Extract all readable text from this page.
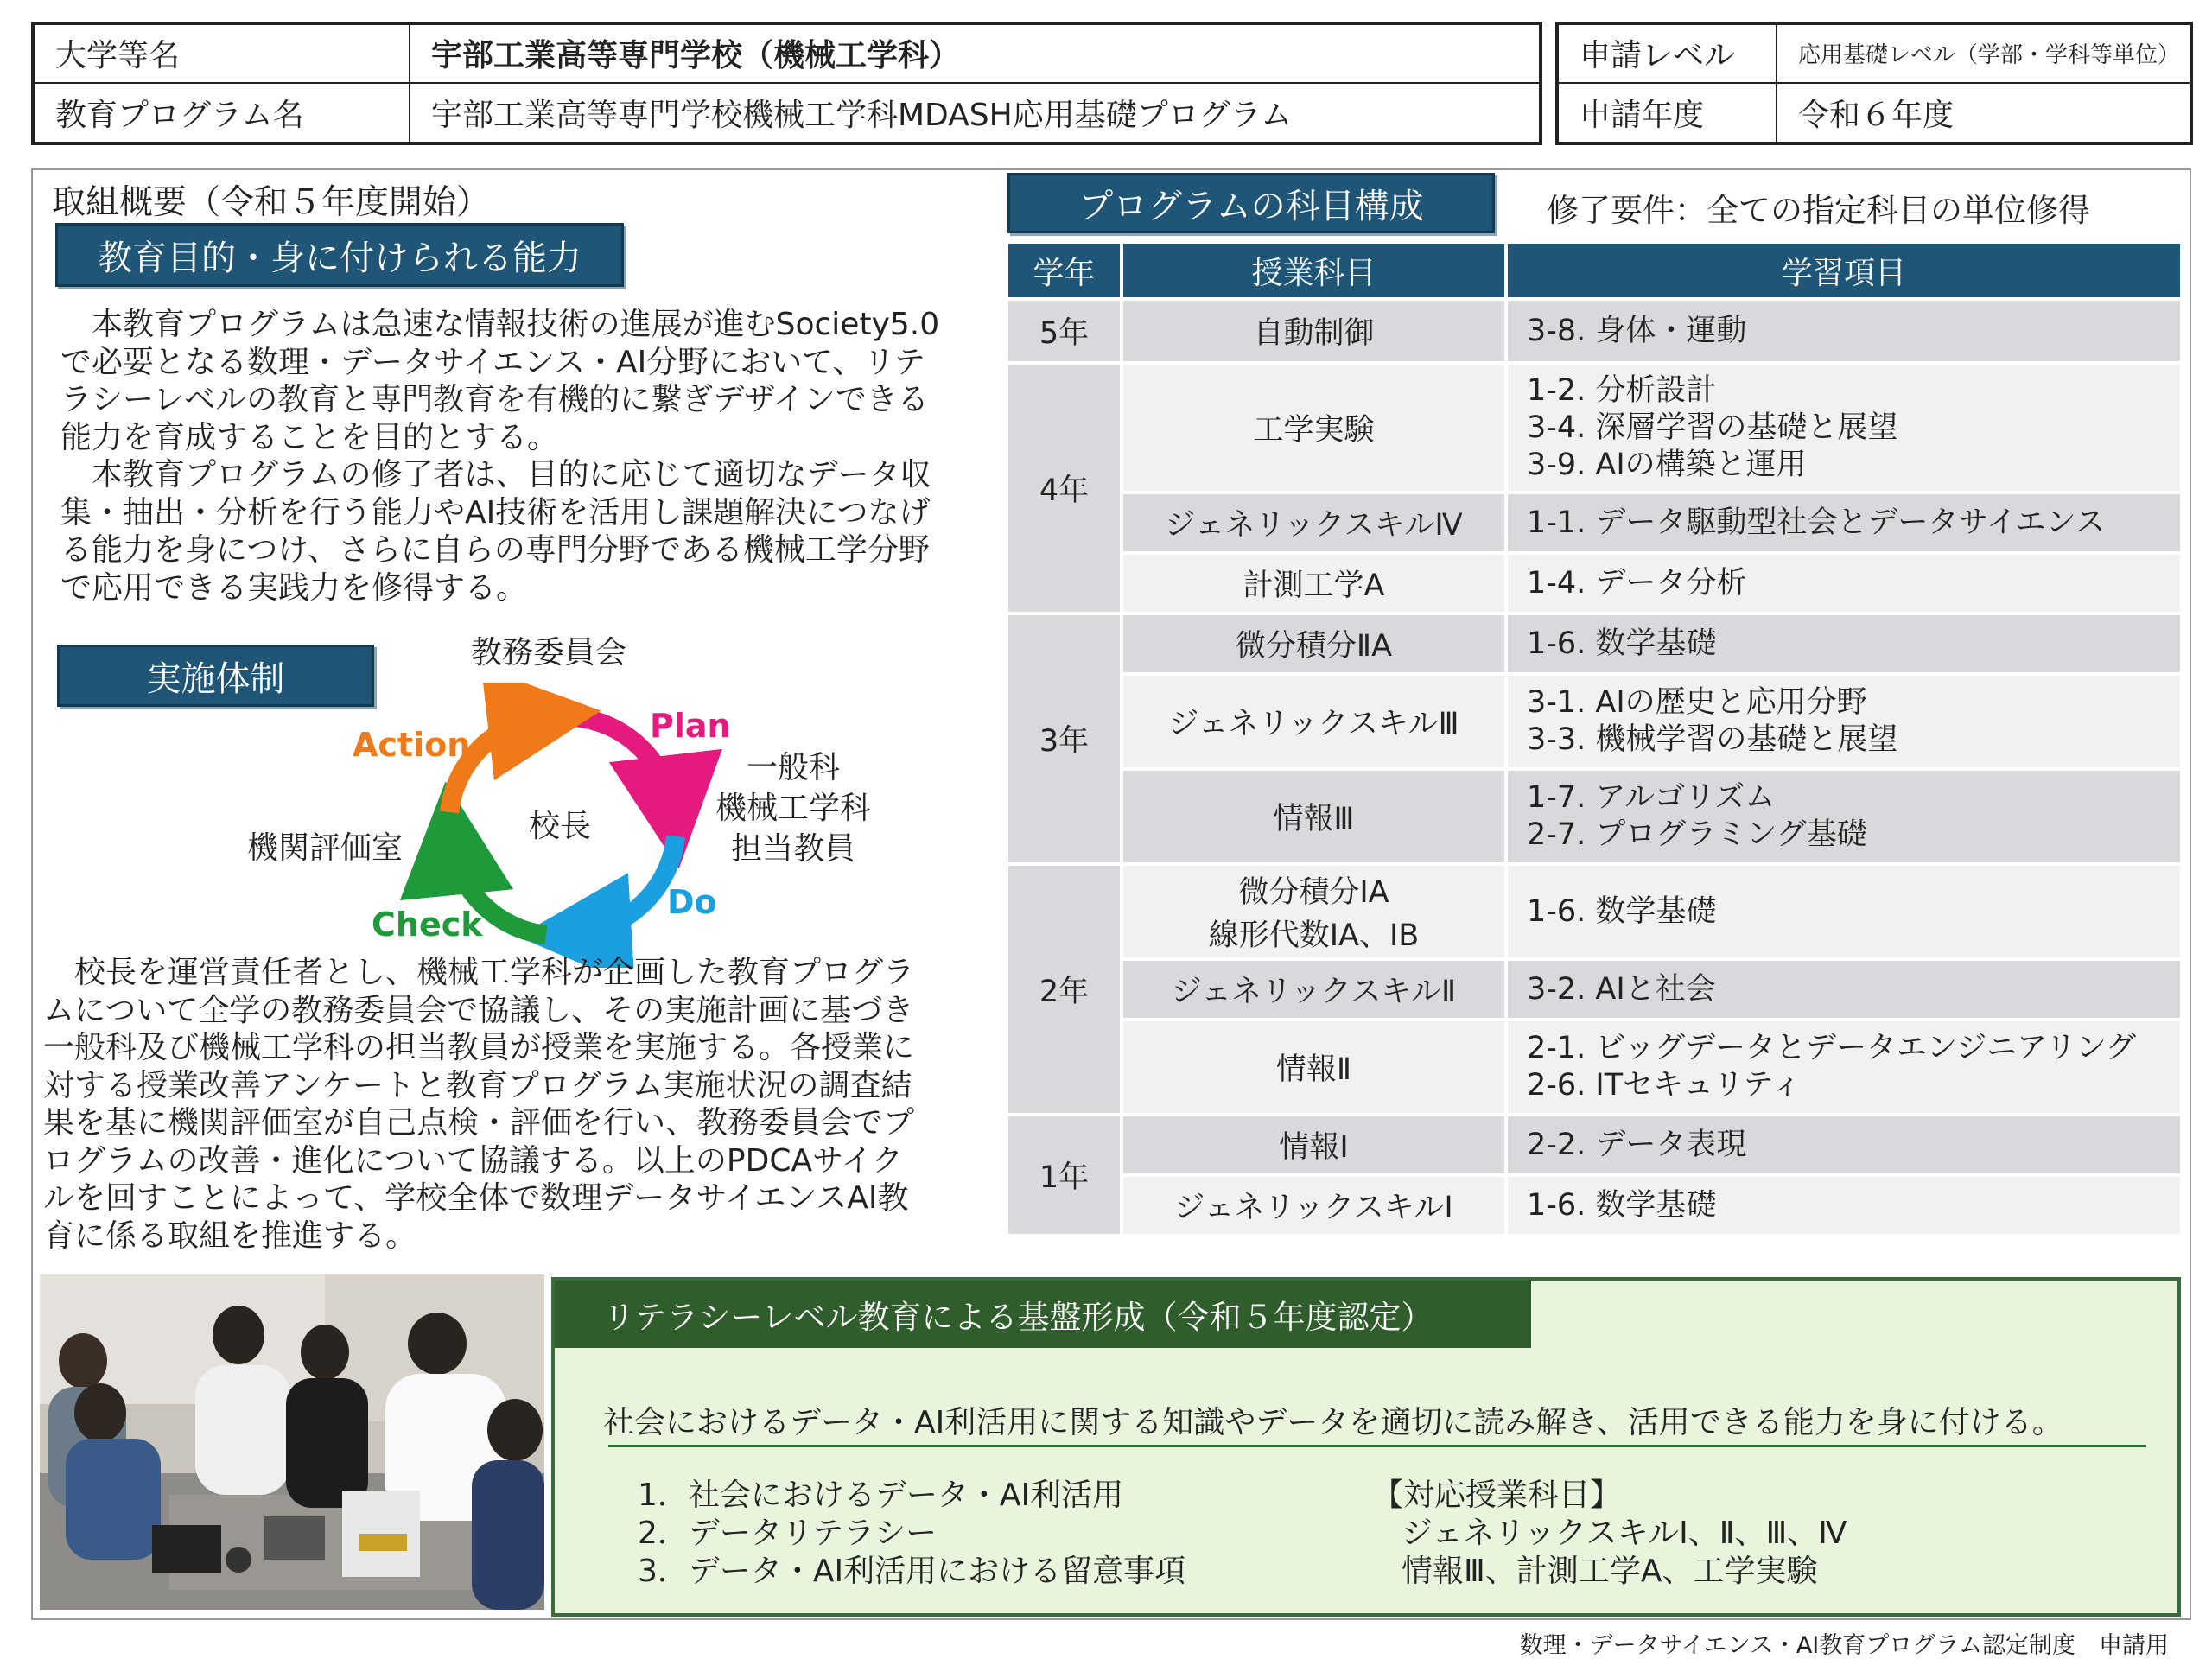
大学等名	宇部工業高等専門学校（機械工学科）
教育プログラム名	宇部工業高等専門学校機械工学科MDASH応用基礎プログラム
申請レベル	応用基礎レベル（学部・学科等単位）
申請年度	令和６年度
取組概要（令和５年度開始）
教育目的・身に付けられる能力
　本教育プログラムは急速な情報技術の進展が進むSociety5.0
で必要となる数理・データサイエンス・AI分野において、リテ
ラシーレベルの教育と専門教育を有機的に繋ぎデザインできる
能力を育成することを目的とする。
　本教育プログラムの修了者は、目的に応じて適切なデータ収
集・抽出・分析を行う能力やAI技術を活用し課題解決につなげ
る能力を身につけ、さらに自らの専門分野である機械工学分野
で応用できる実践力を修得する。
実施体制
教務委員会
校長
機関評価室
一般科
機械工学科
担当教員
Plan
Do
Check
Action
　校長を運営責任者とし、機械工学科が企画した教育プログラ
ムについて全学の教務委員会で協議し、その実施計画に基づき
一般科及び機械工学科の担当教員が授業を実施する。各授業に
対する授業改善アンケートと教育プログラム実施状況の調査結
果を基に機関評価室が自己点検・評価を行い、教務委員会でプ
ログラムの改善・進化について協議する。以上のPDCAサイク
ルを回すことによって、学校全体で数理データサイエンスAI教
育に係る取組を推進する。
プログラムの科目構成	修了要件：全ての指定科目の単位修得
学年	授業科目	学習項目
5年	自動制御	3-8. 身体・運動

4年	工学実験	1-2. 分析設計
3-4. 深層学習の基礎と展望
3-9. AIの構築と運用

	ジェネリックスキルⅣ	1-1. データ駆動型社会とデータサイエンス

	計測工学A	1-4. データ分析

3年	微分積分ⅡA	1-6. 数学基礎

	ジェネリックスキルⅢ	3-1. AIの歴史と応用分野
3-3. 機械学習の基礎と展望

	情報Ⅲ	1-7. アルゴリズム
2-7. プログラミング基礎

2年	微分積分ⅠA
線形代数ⅠA、ⅠB	1-6. 数学基礎

	ジェネリックスキルⅡ	3-2. AIと社会

	情報Ⅱ	2-1. ビッグデータとデータエンジニアリング
2-6. ITセキュリティ

1年	情報Ⅰ	2-2. データ表現

	ジェネリックスキルⅠ	1-6. 数学基礎
リテラシーレベル教育による基盤形成（令和５年度認定）
社会におけるデータ・AI利活用に関する知識やデータを適切に読み解き、活用できる能力を身に付ける。
1．社会におけるデータ・AI利活用
2．データリテラシー
3．データ・AI利活用における留意事項
【対応授業科目】
ジェネリックスキルⅠ、Ⅱ、Ⅲ、Ⅳ
情報Ⅲ、計測工学A、工学実験
数理・データサイエンス・AI教育プログラム認定制度　申請用
